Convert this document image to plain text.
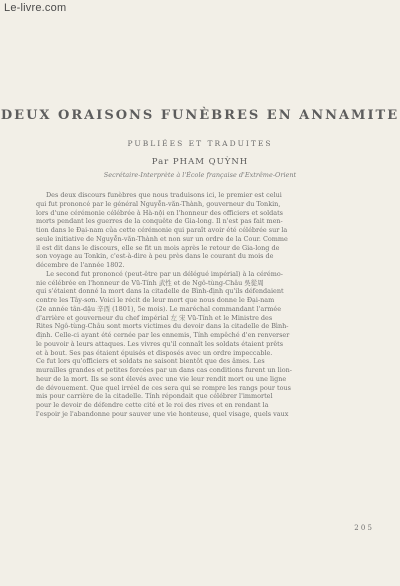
Le-livre.com
DEUX ORAISONS FUNÈBRES EN ANNAMITE
PUBLIÉES ET TRADUITES
Par PHAM QUỲNH
Secrétaire-Interprète à l'École française d'Extrême-Orient
Des deux discours funèbres que nous traduisons ici, le premier est celui
qui fut prononcé par le général Nguyễn-văn-Thành, gouverneur du Tonkin,
lors d'une cérémonie célébrée à Hà-nội en l'honneur des officiers et soldats
morts pendant les guerres de la conquête de Gia-long. Il n'est pas fait men-
tion dans le Đại-nam của cette cérémonie qui paraît avoir été célébrée sur la
seule initiative de Nguyễn-văn-Thành et non sur un ordre de la Cour. Comme
il est dit dans le discours, elle se fit un mois après le retour de Gia-long de
son voyage au Tonkin, c'est-à-dire à peu près dans le courant du mois de
décembre de l'année 1802.
Le second fut prononcé (peut-être par un délégué impérial) à la cérémo-
nie célébrée en l'honneur de Vũ-Tính 武性 et de Ngô-tùng-Châu 吳從周
qui s'étaient donné la mort dans la citadelle de Bình-định qu'ils défendaient
contre les Tây-sơn. Voici le récit de leur mort que nous donne le Đại-nam
(2e année tân-dậu 辛酉 (1801), 5e mois). Le maréchal commandant l'armée
d'arrière et gouverneur du chef impérial 左 宋 Vũ-Tính et le Ministre des
Rites Ngô-tùng-Châu sont morts victimes du devoir dans la citadelle de Bình-
định. Celle-ci ayant été cernée par les ennemis, Tính empêché d'en renverser
le pouvoir à leurs attaques. Les vivres qu'il connaît les soldats étaient prêts
et à bout. Ses pas étaient épuisés et disposés avec un ordre impeccable.
Ce fut lors qu'officiers et soldats ne saisont bientôt que des âmes. Les
murailles grandes et petites forcées par un dans cas conditions furent un lion-
heur de la mort. Ils se sont élevés avec une vie leur rendit mort ou une ligne
de dévouement. Que quel irréel de ces sera qui se rompre les rangs pour tous
mis pour carrière de la citadelle. Tính répondait que célébrer l'immortel
pour le devoir de défendre cette cité et le roi des rives et en rendant la
l'espoir je l'abandonne pour sauver une vie honteuse, quel visage, quels vaux
2 0 5
